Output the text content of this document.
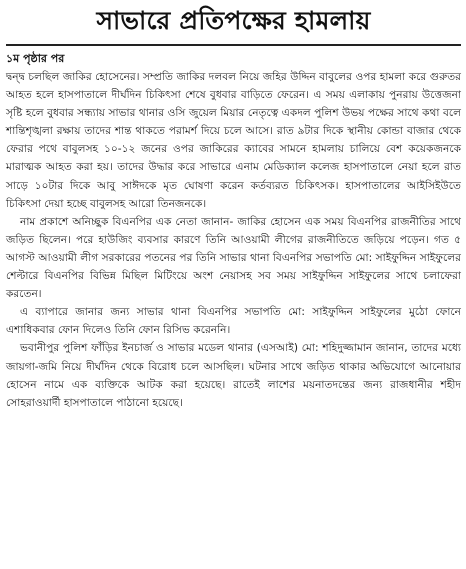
সাভারে প্রতিপক্ষের হামলায়
১ম পৃষ্ঠার পর

দ্বন্দ্ব চলছিল জাকির হোসেনের। সম্প্রতি জাকির দলবল নিয়ে জহির উদ্দিন বাবুলের ওপর হামলা করে গুরুতর আহত হলে হাসপাতালে দীর্ঘদিন চিকিৎসা শেষে বুধবার বাড়িতে ফেরেন। এ সময় এলাকায় পুনরায় উত্তেজনা সৃষ্টি হলে বুধবার সন্ধ্যায় সাভার থানার ওসি জুয়েল মিয়ার নেতৃত্বে একদল পুলিশ উভয় পক্ষের সাথে কথা বলে শান্তিশৃঙ্খলা রক্ষায় তাদের শান্ত থাকতে পরামর্শ দিয়ে চলে আসে। রাত ৯টার দিকে স্থানীয় কোন্ডা বাজার থেকে ফেরার পথে বাবুলসহ ১০-১২ জনের ওপর জাকিরের ক্যাবের সামনে হামলায় চালিয়ে বেশ কয়েকজনকে মারাত্মক আহত করা হয়। তাদের উদ্ধার করে সাভারে এনাম মেডিক্যাল কলেজ হাসপাতালে নেয়া হলে রাত সাড়ে ১০টার দিকে আবু সাঈদকে মৃত ঘোষণা করেন কর্তব্যরত চিকিৎসক। হাসপাতালের আইসিইউতে চিকিৎসা দেয়া হচ্ছে বাবুলসহ আরো তিনজনকে।

নাম প্রকাশে অনিচ্ছুক বিএনপির এক নেতা জানান- জাকির হোসেন এক সময় বিএনপির রাজনীতির সাথে জড়িত ছিলেন। পরে হাউজিং ব্যবসার কারণে তিনি আওয়ামী লীগের রাজনীতিতে জড়িয়ে পড়েন। গত ৫ আগস্ট আওয়ামী লীগ সরকারের পতনের পর তিনি সাভার থানা বিএনপির সভাপতি মো: সাইফুদ্দিন সাইফুলের শেল্টারে বিএনপির বিভিন্ন মিছিল মিটিংয়ে অংশ নেয়াসহ সব সময় সাইফুদ্দিন সাইফুলের সাথে চলাফেরা করতেন।

এ ব্যাপারে জানার জন্য সাভার থানা বিএনপির সভাপতি মো: সাইফুদ্দিন সাইফুলের মুঠো ফোনে এশাধিকবার ফোন দিলেও তিনি ফোন রিসিভ করেননি।

ভবানীপুর পুলিশ ফাঁড়ির ইনচার্জ ও সাভার মডেল থানার (এসআই) মো: শহিদুজ্জামান জানান, তাদের মধ্যে জায়গা-জমি নিয়ে দীর্ঘদিন থেকে বিরোধ চলে আসছিল। ঘটনার সাথে জড়িত থাকার অভিযোগে আনোয়ার হোসেন নামে এক ব্যক্তিকে আটক করা হয়েছে। রাতেই লাশের ময়নাতদন্তের জন্য রাজধানীর শহীদ সোহরাওয়ার্দী হাসপাতালে পাঠানো হয়েছে।
